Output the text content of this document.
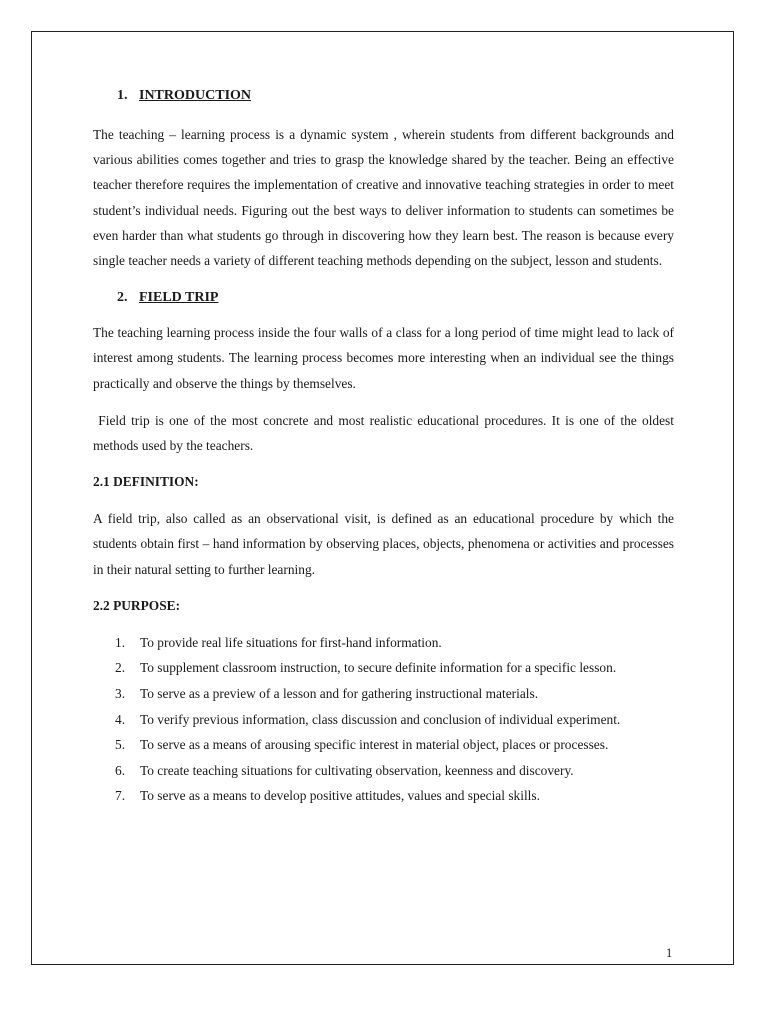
1. INTRODUCTION

The teaching – learning process is a dynamic system , wherein students from different backgrounds and various abilities comes together and tries to grasp the knowledge shared by the teacher. Being an effective teacher therefore requires the implementation of creative and innovative teaching strategies in order to meet student’s individual needs. Figuring out the best ways to deliver information to students can sometimes be even harder than what students go through in discovering how they learn best. The reason is because every single teacher needs a variety of different teaching methods depending on the subject, lesson and students.

2. FIELD TRIP

The teaching learning process inside the four walls of a class for a long period of time might lead to lack of interest among students. The learning process becomes more interesting when an individual see the things practically and observe the things by themselves.

Field trip is one of the most concrete and most realistic educational procedures. It is one of the oldest methods used by the teachers.

2.1 DEFINITION:

A field trip, also called as an observational visit, is defined as an educational procedure by which the students obtain first – hand information by observing places, objects, phenomena or activities and processes in their natural setting to further learning.

2.2 PURPOSE:
1. To provide real life situations for first-hand information.
2. To supplement classroom instruction, to secure definite information for a specific lesson.
3. To serve as a preview of a lesson and for gathering instructional materials.
4. To verify previous information, class discussion and conclusion of individual experiment.
5. To serve as a means of arousing specific interest in material object, places or processes.
6. To create teaching situations for cultivating observation, keenness and discovery.
7. To serve as a means to develop positive attitudes, values and special skills.
1
